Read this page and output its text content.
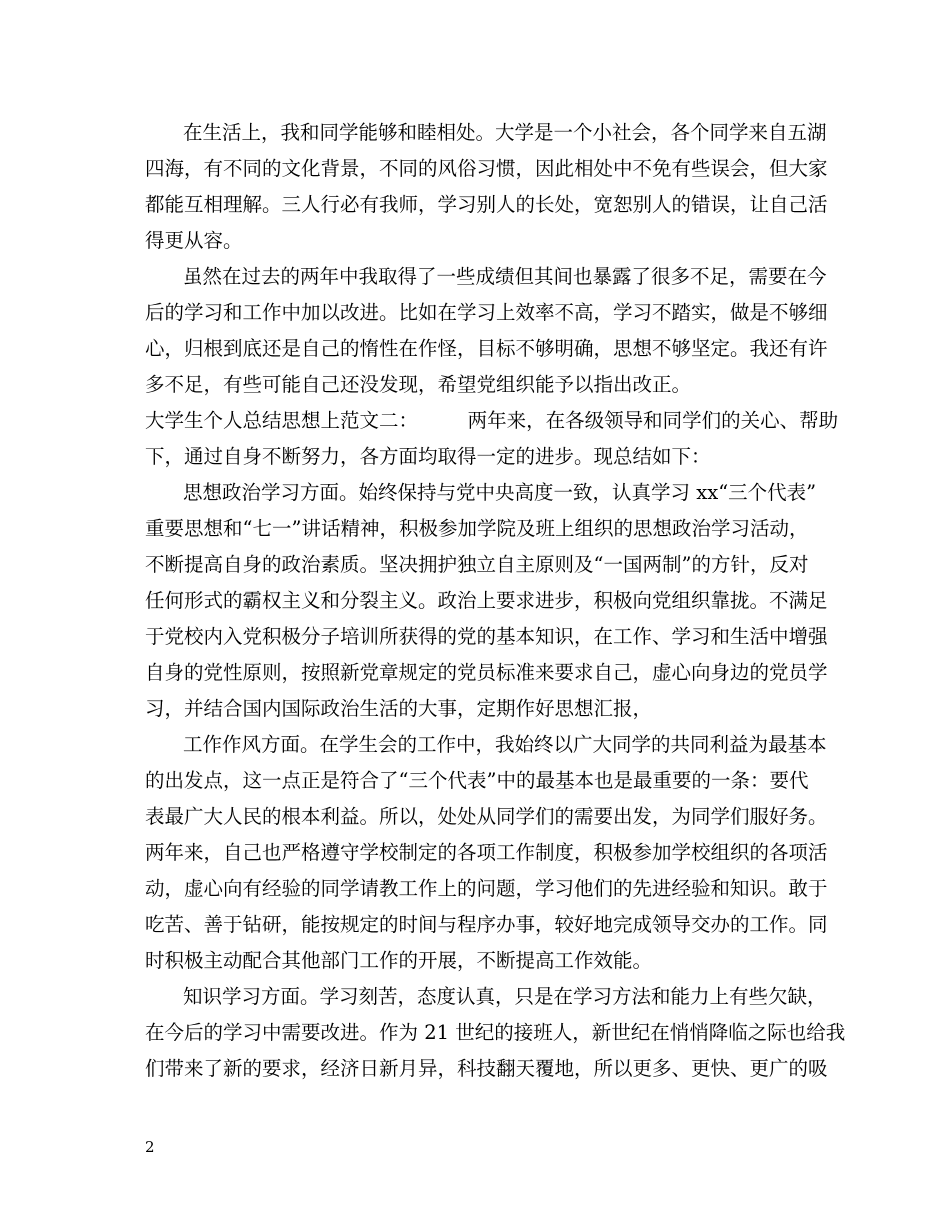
在生活上，我和同学能够和睦相处。大学是一个小社会，各个同学来自五湖
四海，有不同的文化背景，不同的风俗习惯，因此相处中不免有些误会，但大家
都能互相理解。三人行必有我师，学习别人的长处，宽恕别人的错误，让自己活
得更从容。
虽然在过去的两年中我取得了一些成绩但其间也暴露了很多不足，需要在今
后的学习和工作中加以改进。比如在学习上效率不高，学习不踏实，做是不够细
心，归根到底还是自己的惰性在作怪，目标不够明确，思想不够坚定。我还有许
多不足，有些可能自己还没发现，希望党组织能予以指出改正。
大学生个人总结思想上范文二：        两年来，在各级领导和同学们的关心、帮助
下，通过自身不断努力，各方面均取得一定的进步。现总结如下：
思想政治学习方面。始终保持与党中央高度一致，认真学习 xx“三个代表”
重要思想和“七一”讲话精神，积极参加学院及班上组织的思想政治学习活动，
不断提高自身的政治素质。坚决拥护独立自主原则及“一国两制”的方针，反对
任何形式的霸权主义和分裂主义。政治上要求进步，积极向党组织靠拢。不满足
于党校内入党积极分子培训所获得的党的基本知识，在工作、学习和生活中增强
自身的党性原则，按照新党章规定的党员标准来要求自己，虚心向身边的党员学
习，并结合国内国际政治生活的大事，定期作好思想汇报，
工作作风方面。在学生会的工作中，我始终以广大同学的共同利益为最基本
的出发点，这一点正是符合了“三个代表”中的最基本也是最重要的一条：要代
表最广大人民的根本利益。所以，处处从同学们的需要出发，为同学们服好务。
两年来，自己也严格遵守学校制定的各项工作制度，积极参加学校组织的各项活
动，虚心向有经验的同学请教工作上的问题，学习他们的先进经验和知识。敢于
吃苦、善于钻研，能按规定的时间与程序办事，较好地完成领导交办的工作。同
时积极主动配合其他部门工作的开展，不断提高工作效能。
知识学习方面。学习刻苦，态度认真，只是在学习方法和能力上有些欠缺，
在今后的学习中需要改进。作为 21 世纪的接班人，新世纪在悄悄降临之际也给我
们带来了新的要求，经济日新月异，科技翻天覆地，所以更多、更快、更广的吸
2
